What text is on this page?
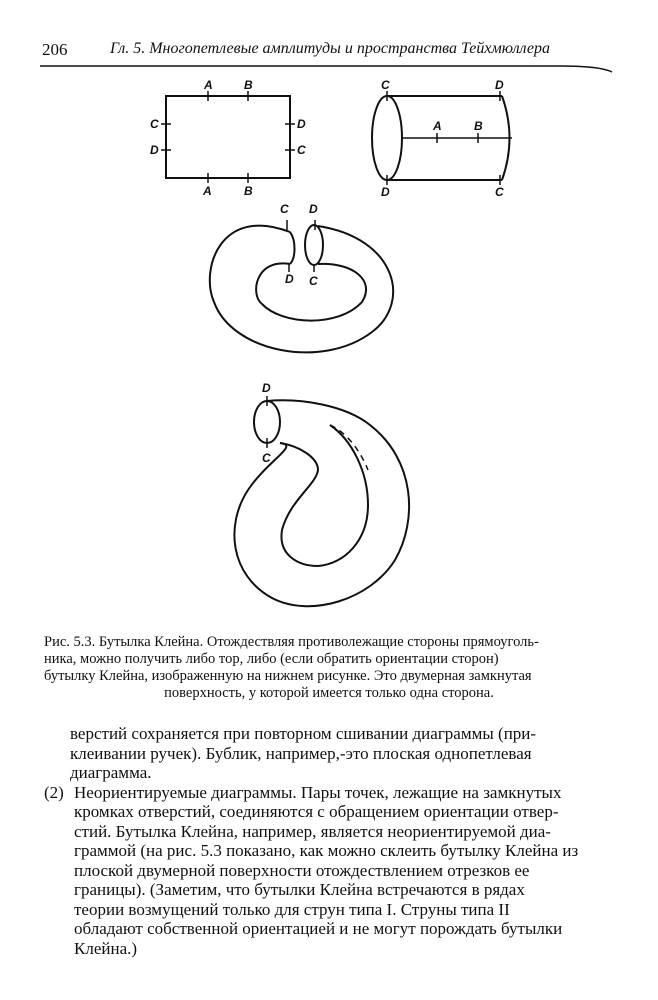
206	Гл. 5. Многопетлевые амплитуды и пространства Тейхмюллера
A	B
A	B
C
D
D
C
C	D
A	B
D	C
C D
D C
D
C
Рис. 5.3. Бутылка Клейна. Отождествляя противолежащие стороны прямоуголь-
ника, можно получить либо тор, либо (если обратить ориентации сторон)
бутылку Клейна, изображенную на нижнем рисунке. Это двумерная замкнутая
поверхность, у которой имеется только одна сторона.
верстий сохраняется при повторном сшивании диаграммы (при-
клеивании ручек). Бублик, например,-это плоская однопетлевая
диаграмма.
(2) Неориентируемые диаграммы. Пары точек, лежащие на замкнутых
кромках отверстий, соединяются с обращением ориентации отвер-
стий. Бутылка Клейна, например, является неориентируемой диа-
граммой (на рис. 5.3 показано, как можно склеить бутылку Клейна из
плоской двумерной поверхности отождествлением отрезков ее
границы). (Заметим, что бутылки Клейна встречаются в рядах
теории возмущений только для струн типа I. Струны типа II
обладают собственной ориентацией и не могут порождать бутылки
Клейна.)
